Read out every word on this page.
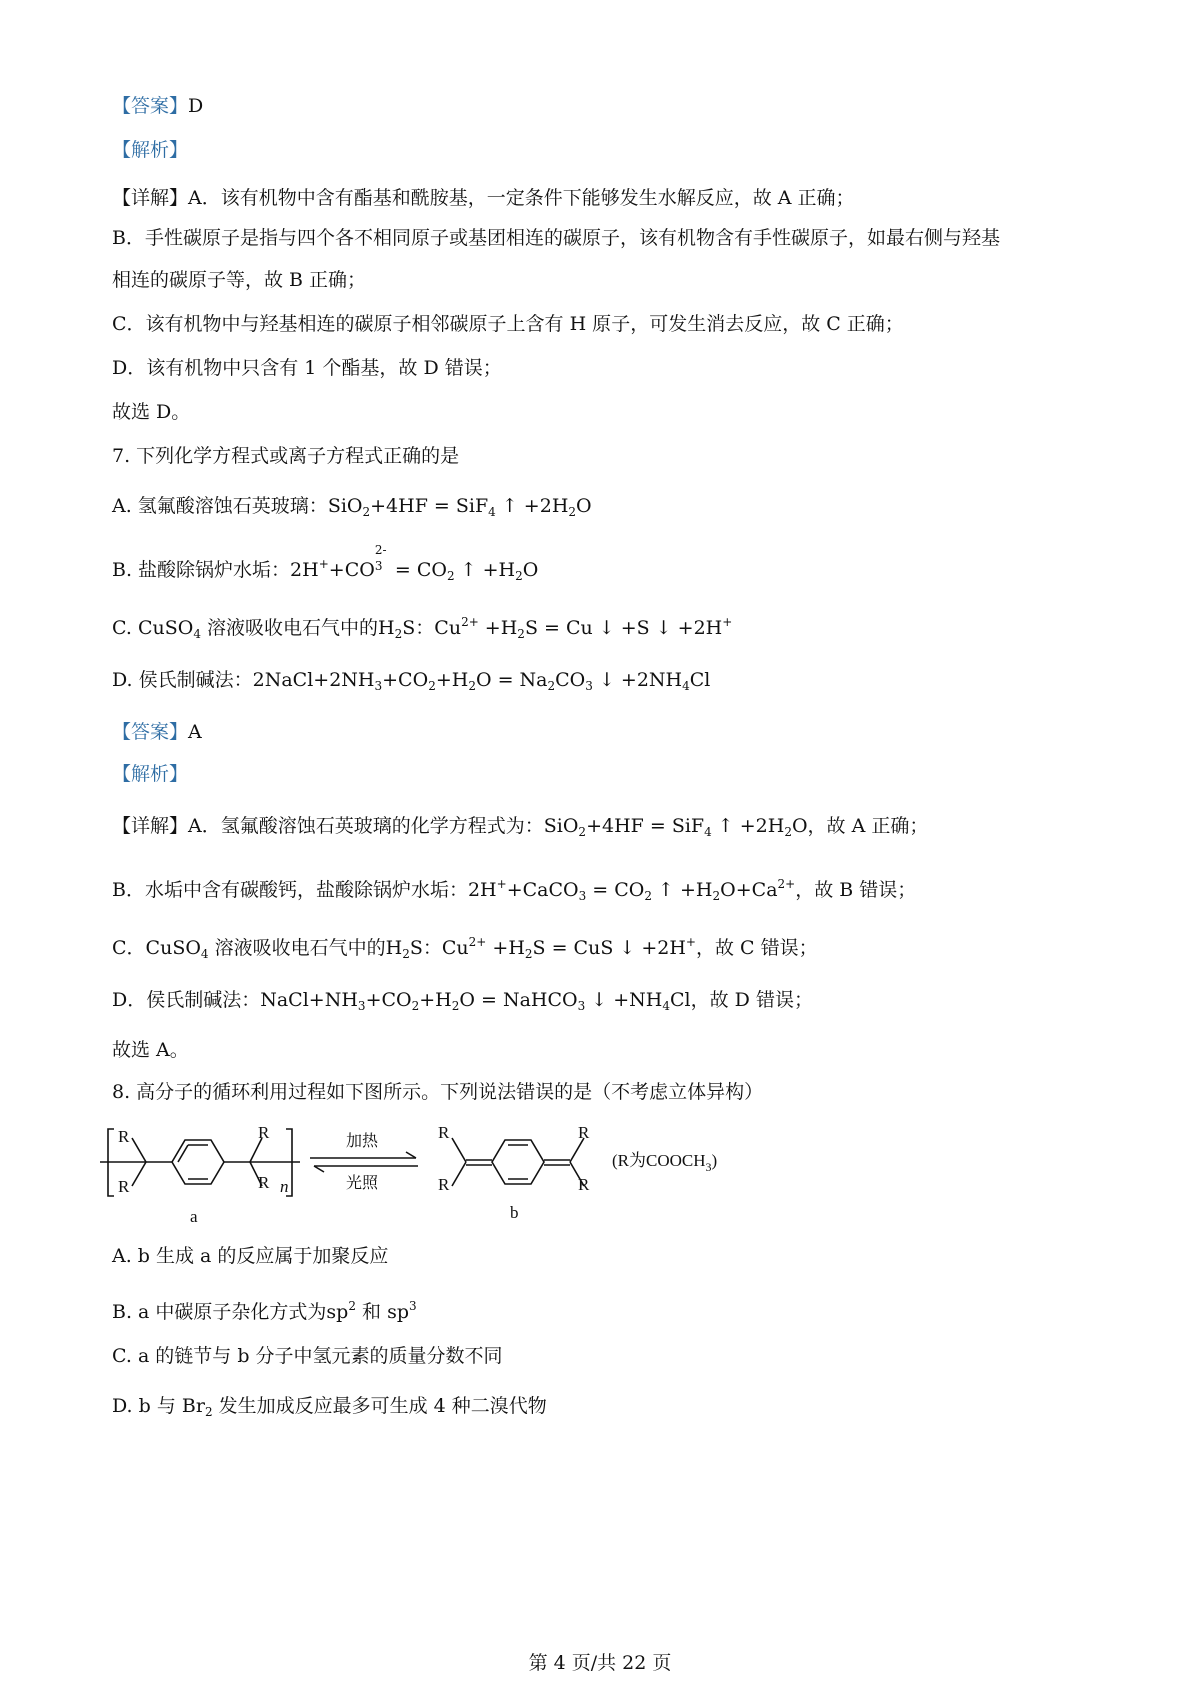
【答案】D
【解析】
【详解】A．该有机物中含有酯基和酰胺基，一定条件下能够发生水解反应，故 A 正确；
B．手性碳原子是指与四个各不相同原子或基团相连的碳原子，该有机物含有手性碳原子，如最右侧与羟基
相连的碳原子等，故 B 正确；
C．该有机物中与羟基相连的碳原子相邻碳原子上含有 H 原子，可发生消去反应，故 C 正确；
D．该有机物中只含有 1 个酯基，故 D 错误；
故选 D。
7. 下列化学方程式或离子方程式正确的是
A. 氢氟酸溶蚀石英玻璃：SiO$_2$+4HF = SiF$_4$ ↑ $+2H_2O$
B. 盐酸除锅炉水垢：2H++CO 3
2-
= $CO_2$ ↑ $+H_2O$
C. CuSO$_4$ 溶液吸收电石气中的$H_2S$：$Cu^{2+} +H_2S = Cu$ ↓ +S ↓ +2H+
D. 侯氏制碱法：$2NaCl+2NH_3+CO_2+H_2O = Na_2CO_3$ ↓ $+2NH_4Cl$
【答案】A
【解析】
【详解】A．氢氟酸溶蚀石英玻璃的化学方程式为：SiO$_2$+4HF = SiF$_4$ ↑ $+2H_2O$，故 A 正确；
B．水垢中含有碳酸钙，盐酸除锅炉水垢：2H++CaCO$_3$ = $CO_2$ ↑ $+H_2O+Ca^{2+}$，故 B 错误；
C．CuSO$_4$ 溶液吸收电石气中的$H_2S$：$Cu^{2+} +H_2S$ = CuS ↓ +2H+，故 C 错误；
D．侯氏制碱法：$NaCl+NH_3+CO_2+H_2O$ = NaHCO$_3$ ↓ $+NH_4Cl$，故 D 错误；
故选 A。
8. 高分子的循环利用过程如下图所示。下列说法错误的是（不考虑立体异构）
R
R
R
R n
加热
光照
R
R
R
R
a	b
(R为$COOCH_3$)
A. b 生成 a 的反应属于加聚反应
B. a 中碳原子杂化方式为$sp^2$ 和 $sp^3$
C. a 的链节与 b 分子中氢元素的质量分数不同
D. b 与 $Br_2$ 发生加成反应最多可生成 4 种二溴代物
第 4 页/共 22 页
